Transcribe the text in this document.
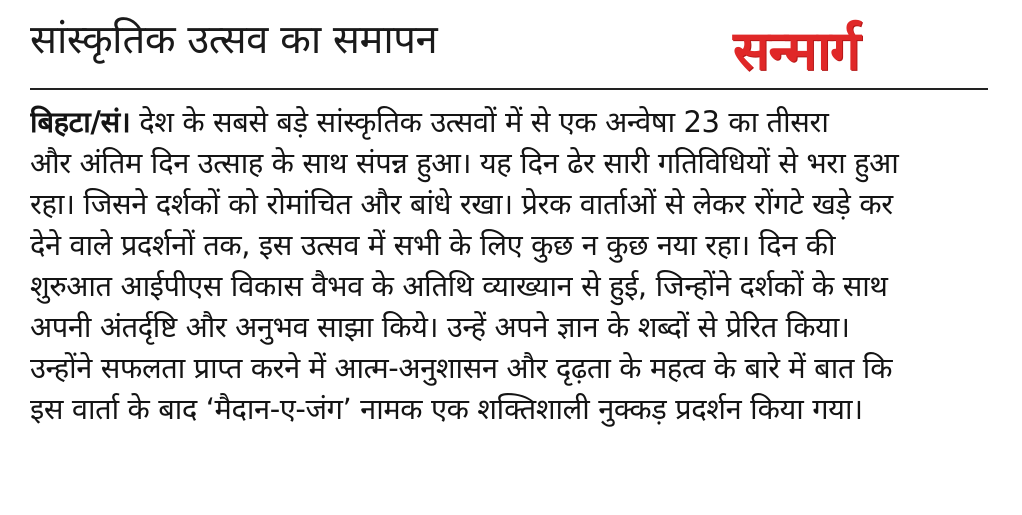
सांस्कृतिक उत्सव का समापन	सन्मार्ग
बिहटा/सं। देश के सबसे बड़े सांस्कृतिक उत्सवों में से एक अन्वेषा 23 का तीसरा
और अंतिम दिन उत्साह के साथ संपन्न हुआ। यह दिन ढेर सारी गतिविधियों से भरा हुआ
रहा। जिसने दर्शकों को रोमांचित और बांधे रखा। प्रेरक वार्ताओं से लेकर रोंगटे खड़े कर
देने वाले प्रदर्शनों तक, इस उत्सव में सभी के लिए कुछ न कुछ नया रहा। दिन की
शुरुआत आईपीएस विकास वैभव के अतिथि व्याख्यान से हुई, जिन्होंने दर्शकों के साथ
अपनी अंतर्दृष्टि और अनुभव साझा किये। उन्हें अपने ज्ञान के शब्दों से प्रेरित किया।
उन्होंने सफलता प्राप्त करने में आत्म-अनुशासन और दृढ़ता के महत्व के बारे में बात कि
इस वार्ता के बाद ‘मैदान-ए-जंग’ नामक एक शक्तिशाली नुक्कड़ प्रदर्शन किया गया।
